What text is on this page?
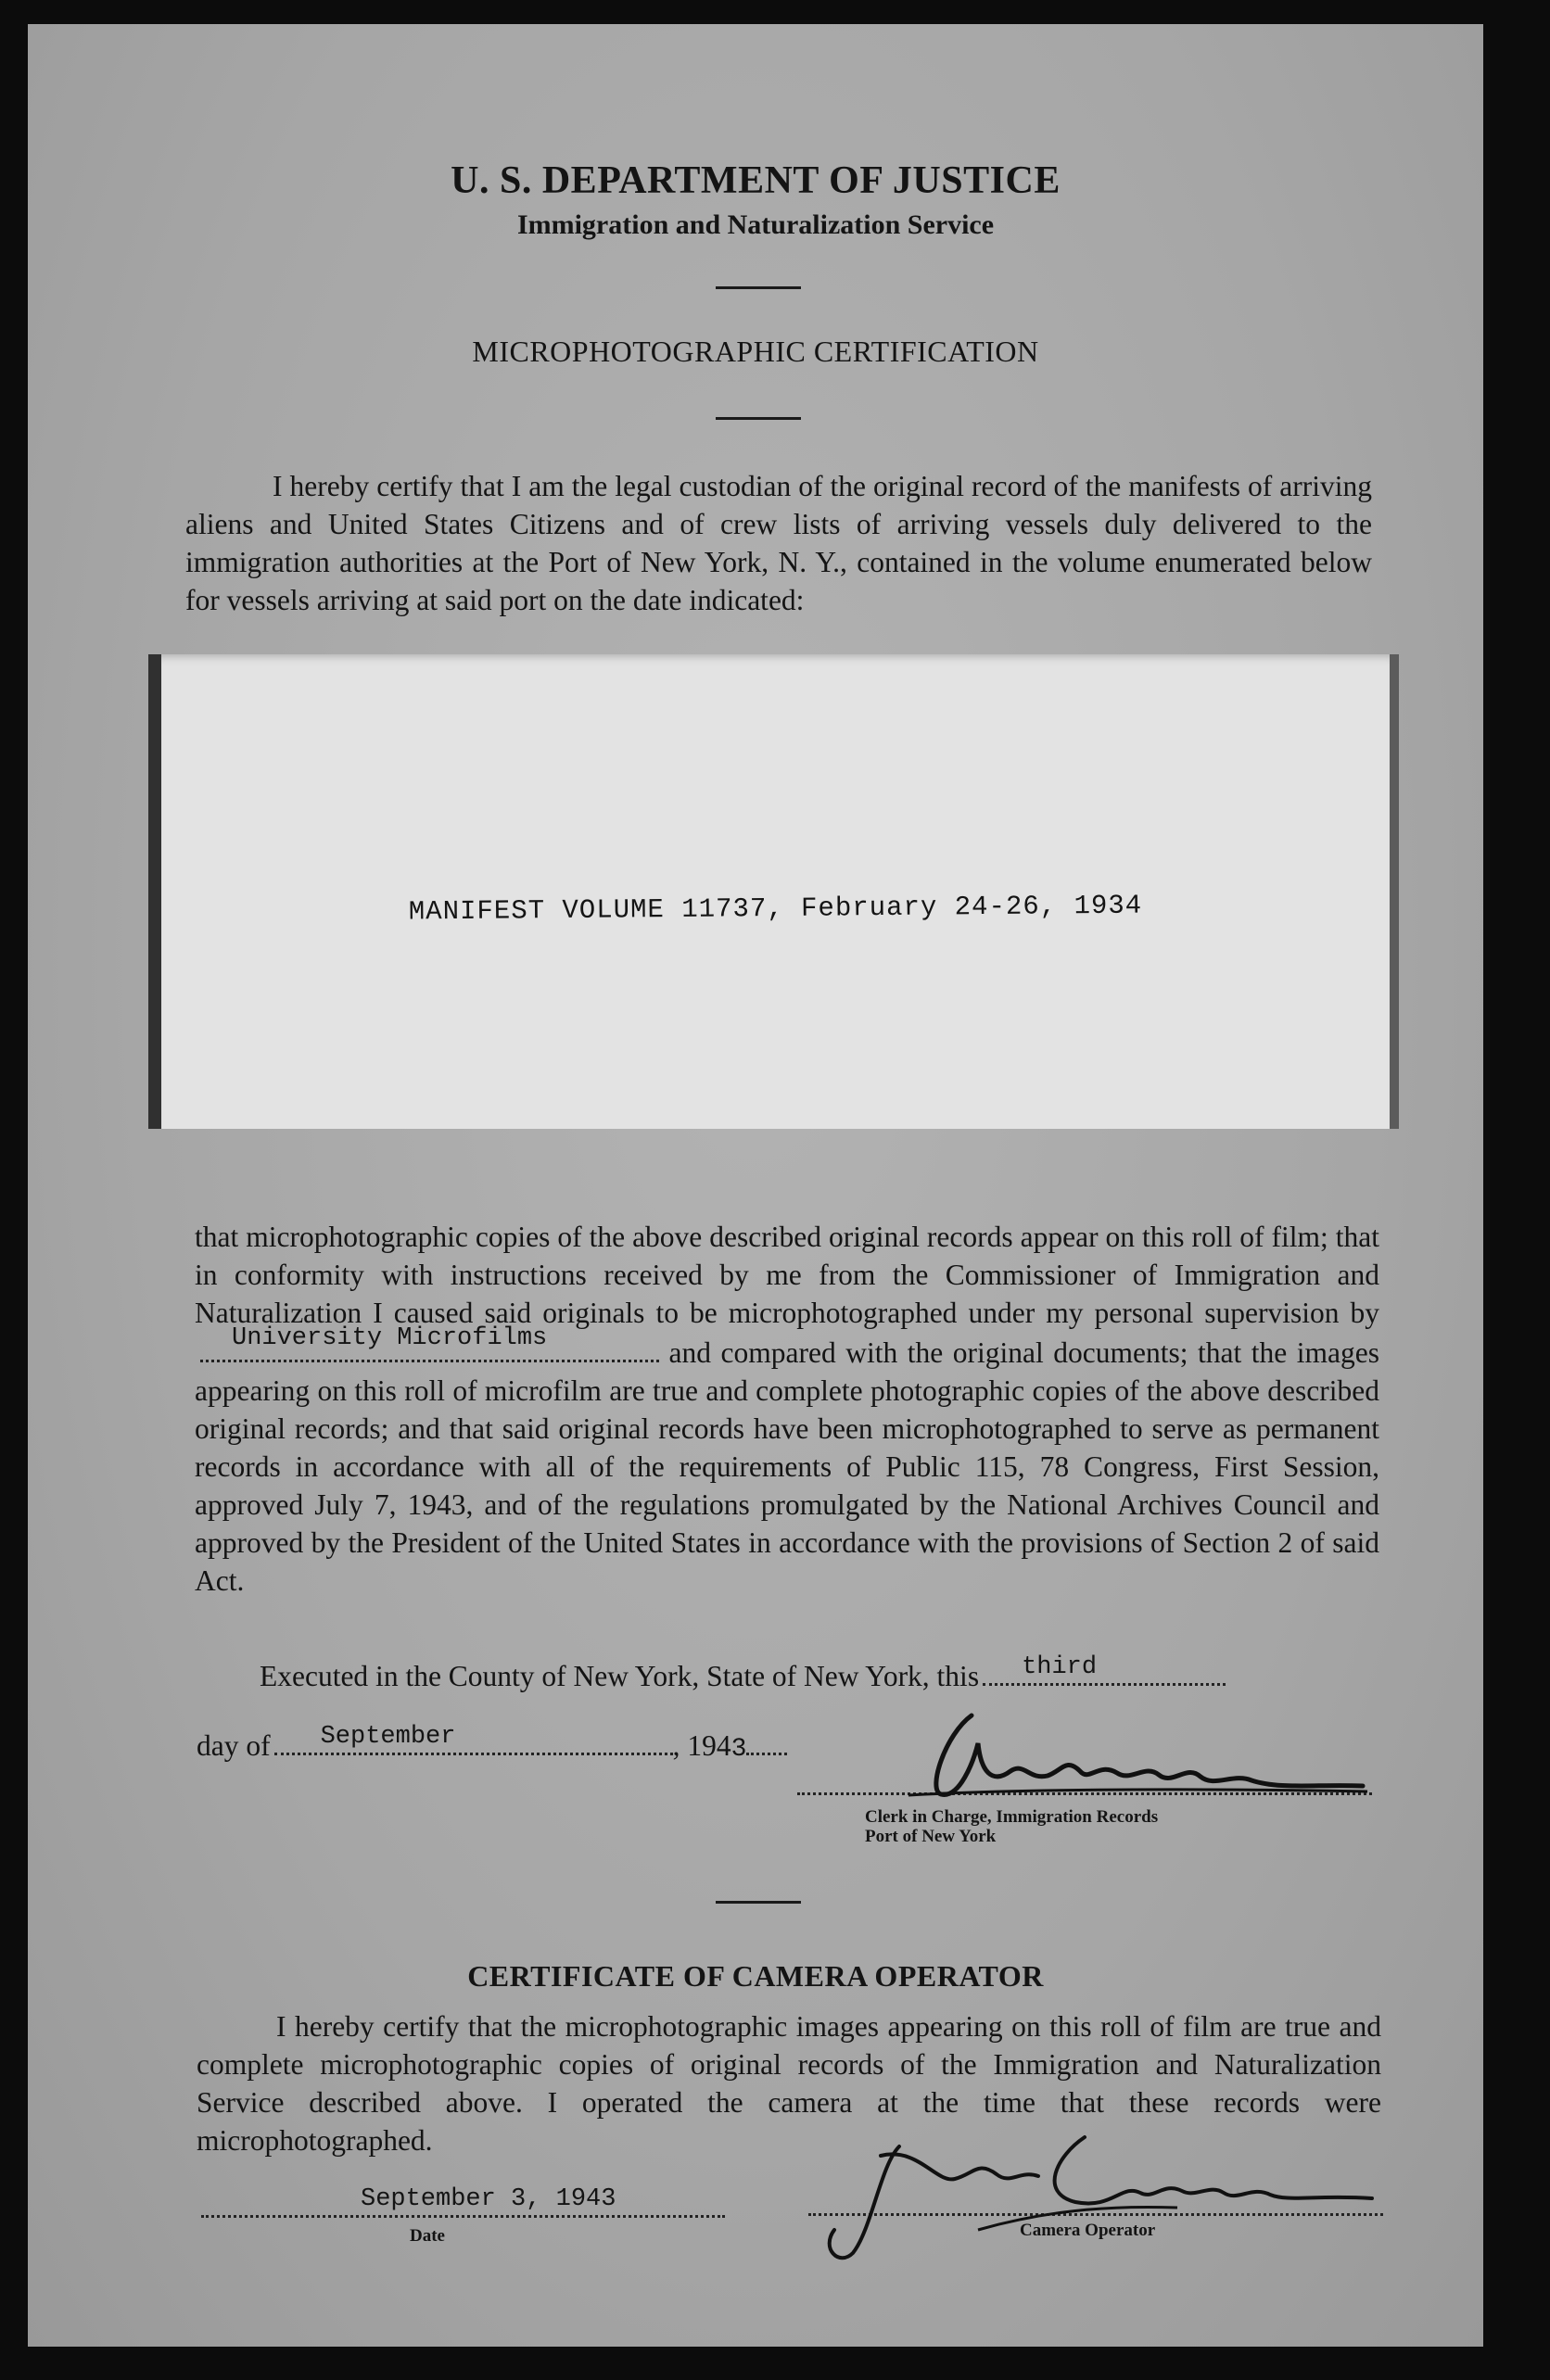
U. S. DEPARTMENT OF JUSTICE
Immigration and Naturalization Service
MICROPHOTOGRAPHIC CERTIFICATION

I hereby certify that I am the legal custodian of the original record of the manifests of arriving aliens and United States Citizens and of crew lists of arriving vessels duly delivered to the immigration authorities at the Port of New York, N. Y., contained in the volume enumerated below for vessels arriving at said port on the date indicated:

MANIFEST VOLUME 11737, February 24-26, 1934

that microphotographic copies of the above described original records appear on this roll of film; that in conformity with instructions received by me from the Commissioner of Immigration and Naturalization I caused said originals to be microphotographed under my personal supervision by
University Microfilms	and compared with the original documents; that the images appearing on this roll of microfilm are true and complete photographic copies of the above described original records; and that said original records have been microphotographed to serve as permanent records in accordance with all of the requirements of Public 115, 78 Congress, First Session, approved July 7, 1943, and of the regulations promulgated by the National Archives Council and approved by the President of the United States in accordance with the provisions of Section 2 of said Act.

Executed in the County of New York, State of New York, this third
day of September	, 1943
Clerk in Charge, Immigration Records
Port of New York
CERTIFICATE OF CAMERA OPERATOR

I hereby certify that the microphotographic images appearing on this roll of film are true and complete microphotographic copies of original records of the Immigration and Naturalization Service described above. I operated the camera at the time that these records were microphotographed.

September 3, 1943
Date	Camera Operator
